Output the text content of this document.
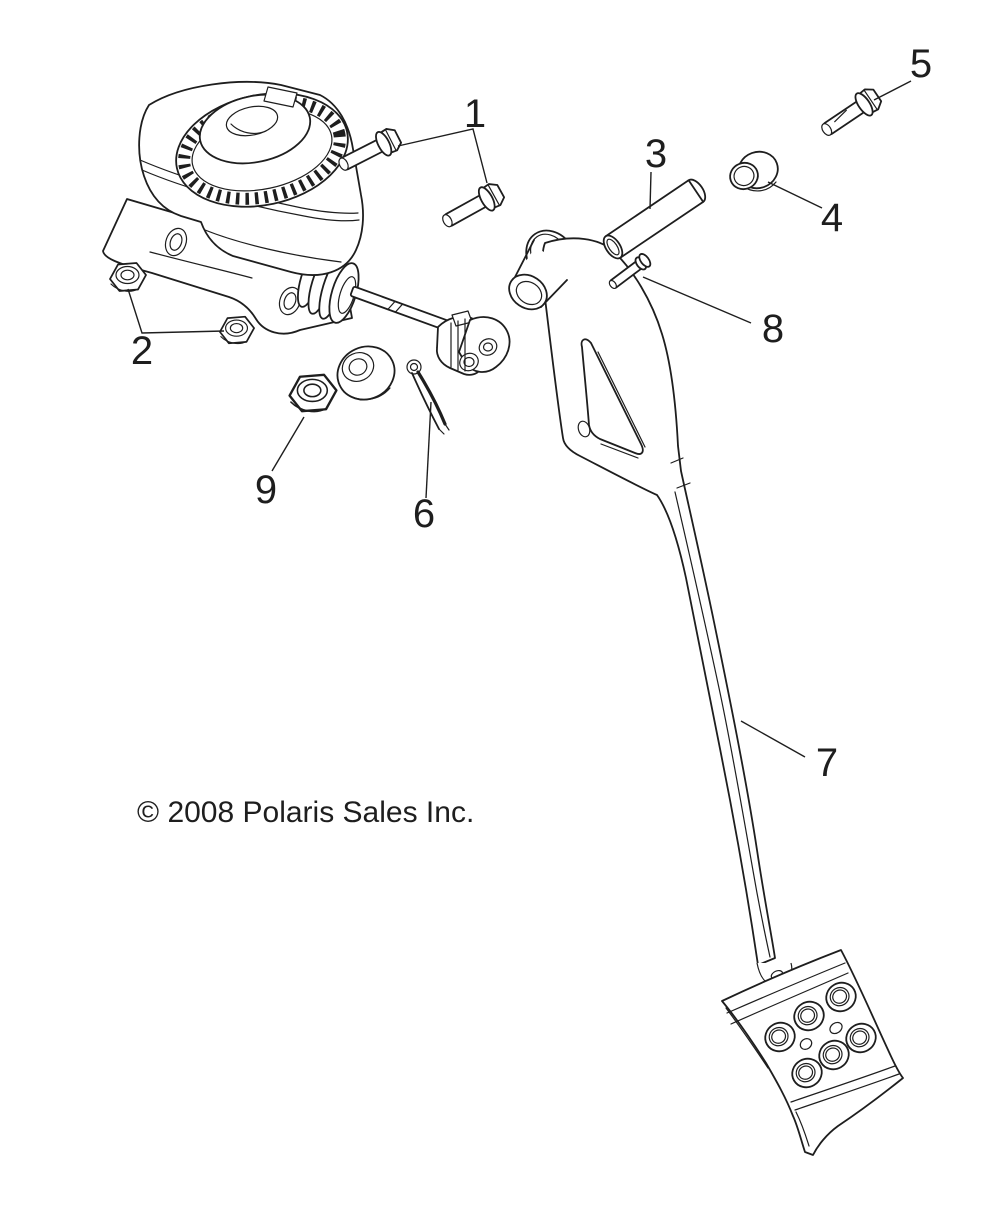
1
2
3
4
5
6
7
8
9
© 2008 Polaris Sales Inc.
